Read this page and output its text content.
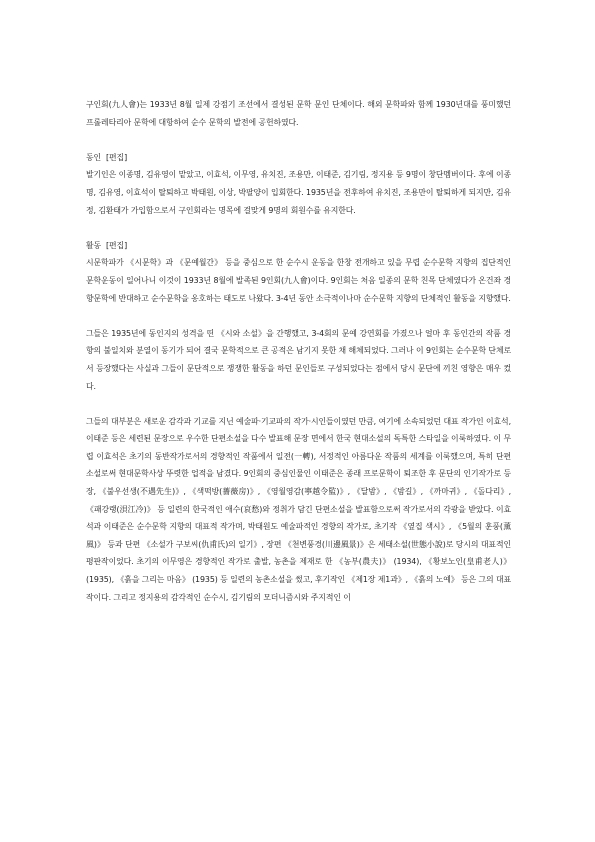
구인회(九人會)는 1933년 8월 일제 강점기 조선에서 결성된 문학 문인 단체이다. 해외 문학파와 함께 1930년대를 풍미했던 프롤레타리아 문학에 대항하여 순수 문학의 발전에 공헌하였다.

동인 [편집]

발기인은 이종명, 김유영이 맡았고, 이효석, 이무영, 유치진, 조용만, 이태준, 김기림, 정지용 등 9명이 창단멤버이다. 후에 이종명, 김유영, 이효석이 탈퇴하고 박태원, 이상, 박팔양이 입회한다. 1935년을 전후하여 유치진, 조용만이 탈퇴하게 되지만, 김유정, 김환태가 가입함으로서 구인회라는 명목에 걸맞게 9명의 회원수를 유지한다.

활동 [편집]

시문학파가 《시문학》과 《문예월간》 등을 중심으로 한 순수시 운동을 한창 전개하고 있을 무렵 순수문학 지향의 집단적인 문학운동이 일어나니 이것이 1933년 8월에 발족된 9인회(九人會)이다. 9인회는 처음 일종의 문학 친목 단체였다가 온건좌 경향문학에 반대하고 순수문학을 옹호하는 태도로 나왔다. 3-4년 동안 소극적이나마 순수문학 지향의 단체적인 활동을 지향했다.

그들은 1935년에 동인지의 성격을 띤 《시와 소설》을 간행했고, 3-4회의 문예 강연회를 가졌으나 얼마 후 동인간의 작품 경향의 불일치와 분열이 동기가 되어 결국 문학적으로 큰 공적은 남기지 못한 채 해체되었다. 그러나 이 9인회는 순수문학 단체로서 등장했다는 사실과 그들이 문단적으로 쟁쟁한 활동을 하던 문인들로 구성되었다는 점에서 당시 문단에 끼친 영향은 매우 컸다.

그들의 대부분은 새로운 감각과 기교를 지닌 예술파·기교파의 작가·시인들이였던 만큼, 여기에 소속되었던 대표 작가인 이효석, 이태준 등은 세련된 문장으로 우수한 단편소설을 다수 발표해 문장 면에서 한국 현대소설의 독특한 스타일을 이룩하였다. 이 무렵 이효석은 초기의 동반작가로서의 경향적인 작품에서 일전(一轉), 서정적인 아름다운 작품의 세계를 이룩했으며, 특히 단편소설로써 현대문학사상 뚜렷한 업적을 남겼다. 9인회의 중심인물인 이태준은 종래 프로문학이 퇴조한 후 문단의 인기작가로 등장, 《불우선생(不遇先生)》, 《색떡방(薔薇房)》, 《영월영감(寧越令監)》, 《달밤》, 《밤길》, 《까마귀》, 《돌다리》, 《패강랭(浿江冷)》 등 일련의 한국적인 애수(哀愁)와 정취가 담긴 단편소설을 발표함으로써 작가로서의 각광을 받았다. 이효석과 이태준은 순수문학 지향의 대표적 작가며, 박태원도 예술파적인 경향의 작가로, 초기작 《옆집 색시》, 《5월의 훈풍(薰風)》 등과 단편 《소설가 구보씨(仇甫氏)의 일기》, 장편 《천변풍경(川邊風景)》은 세태소설(世態小說)로 당시의 대표적인 평판작이었다. 초기의 이무영은 경향적인 작가로 출발, 농촌을 제재로 한 《농부(農夫)》 (1934), 《황보노인(皇甫老人)》 (1935), 《흙을 그리는 마음》 (1935) 등 일련의 농촌소설을 썼고, 후기작인 《제1장 제1과》, 《흙의 노예》 등은 그의 대표작이다. 그리고 정지용의 감각적인 순수시, 김기림의 모더니즘시와 주지적인 이
